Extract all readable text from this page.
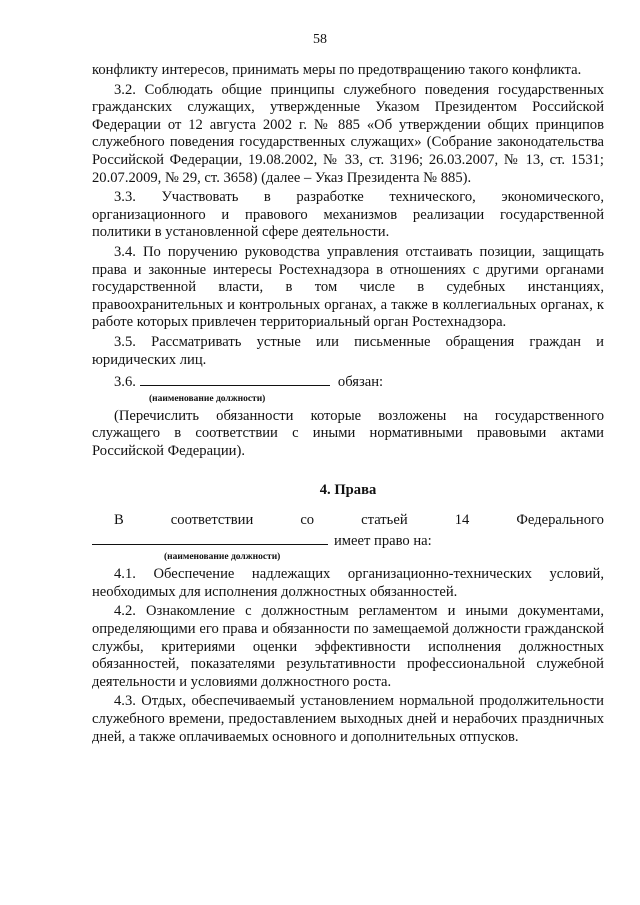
58

конфликту интересов, принимать меры по предотвращению такого конфликта.

3.2. Соблюдать общие принципы служебного поведения государственных гражданских служащих, утвержденные Указом Президентом Российской Федерации от 12 августа 2002 г. № 885 «Об утверждении общих принципов служебного поведения государственных служащих» (Собрание законодательства Российской Федерации, 19.08.2002, № 33, ст. 3196; 26.03.2007, № 13, ст. 1531; 20.07.2009, № 29, ст. 3658) (далее – Указ Президента № 885).

3.3. Участвовать в разработке технического, экономического, организационного и правового механизмов реализации государственной политики в установленной сфере деятельности.

3.4. По поручению руководства управления отстаивать позиции, защищать права и законные интересы Ростехнадзора в отношениях с другими органами государственной власти, в том числе в судебных инстанциях, правоохранительных и контрольных органах, а также в коллегиальных органах, к работе которых привлечен территориальный орган Ростехнадзора.

3.5. Рассматривать устные или письменные обращения граждан и юридических лиц.

3.6.	обязан:
(наименование должности)

(Перечислить обязанности которые возложены на государственного служащего в соответствии с иными нормативными правовыми актами Российской Федерации).

4. Права
В	соответствии	со	статьей	14	Федерального
имеет право на:
(наименование должности)

4.1. Обеспечение надлежащих организационно-технических условий, необходимых для исполнения должностных обязанностей.

4.2. Ознакомление с должностным регламентом и иными документами, определяющими его права и обязанности по замещаемой должности гражданской службы, критериями оценки эффективности исполнения должностных обязанностей, показателями результативности профессиональной служебной деятельности и условиями должностного роста.

4.3. Отдых, обеспечиваемый установлением нормальной продолжительности служебного времени, предоставлением выходных дней и нерабочих праздничных дней, а также оплачиваемых основного и дополнительных отпусков.
